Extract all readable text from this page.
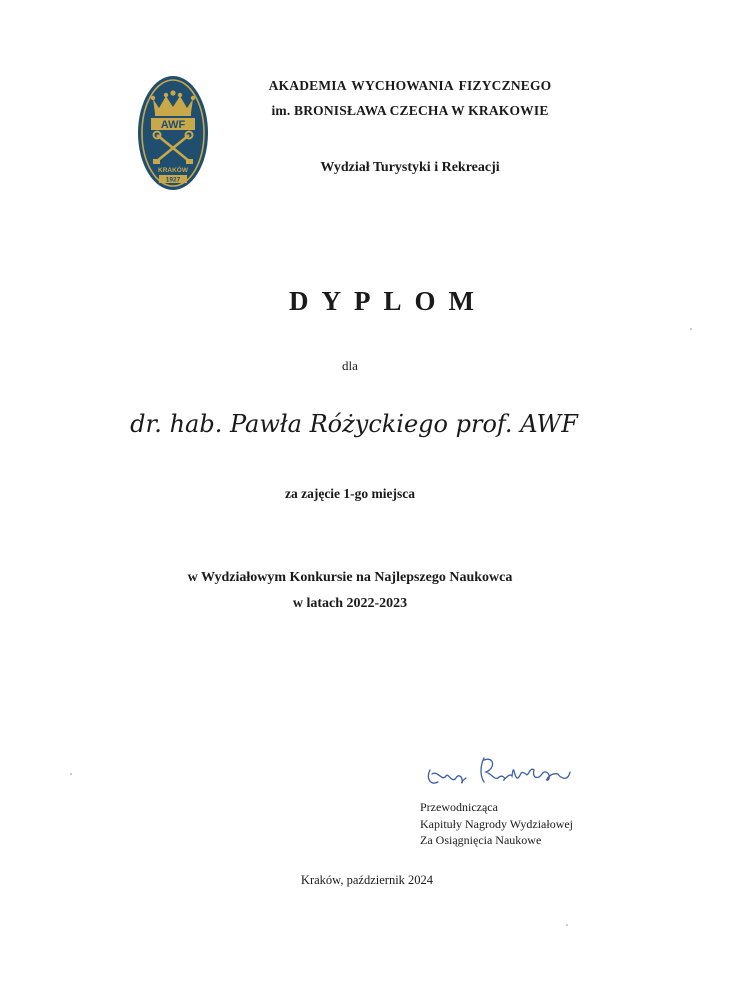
AWF
KRAKÓW
1927
AKADEMIA WYCHOWANIA FIZYCZNEGO
im. BRONISŁAWA CZECHA W KRAKOWIE
Wydział Turystyki i Rekreacji
DYPLOM
dla
dr. hab. Pawła Różyckiego prof. AWF
za zajęcie 1-go miejsca
w Wydziałowym Konkursie na Najlepszego Naukowca
w latach 2022-2023
Przewodnicząca
Kapituły Nagrody Wydziałowej
Za Osiągnięcia Naukowe
Kraków, październik 2024
